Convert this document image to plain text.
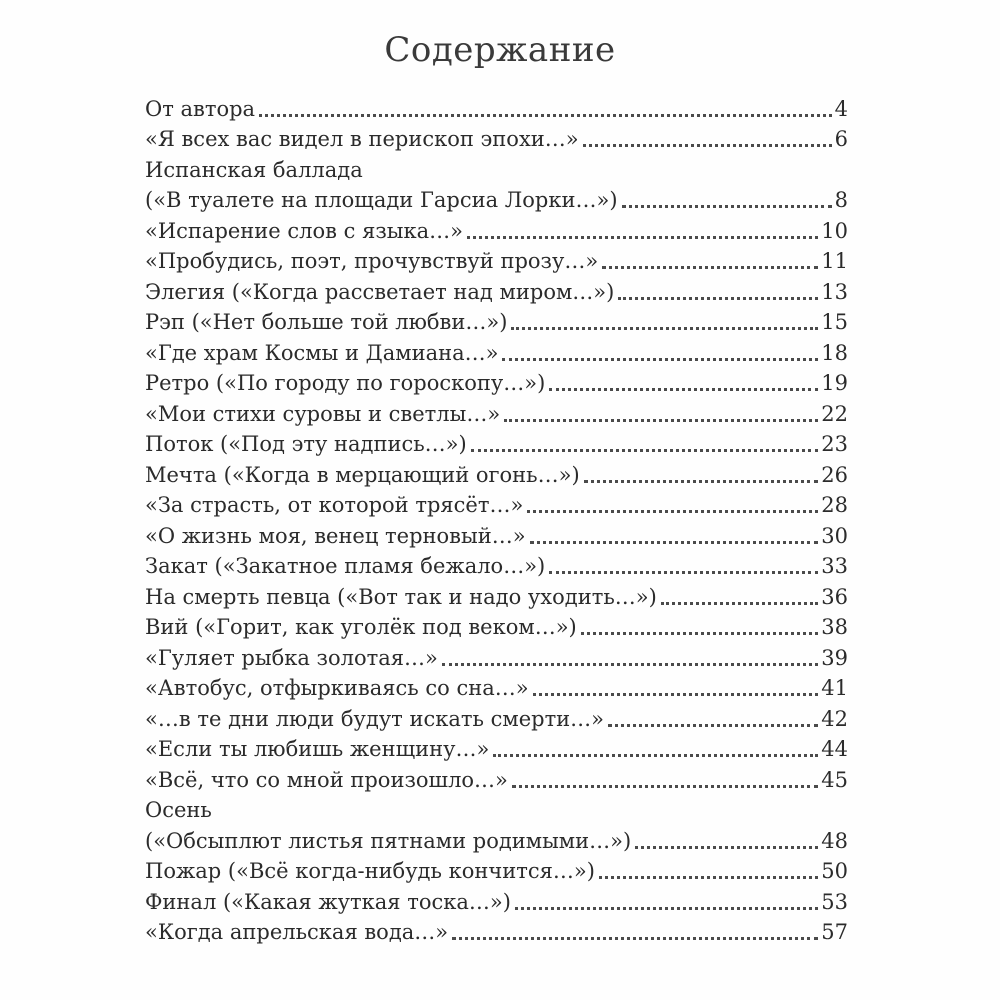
Содержание
От автора	4
«Я всех вас видел в перископ эпохи…»	6
Испанская баллада
(«В туалете на площади Гарсиа Лорки…»)	8
«Испарение слов с языка…»	10
«Пробудись, поэт, прочувствуй прозу…»	11
Элегия («Когда рассветает над миром…»)	13
Рэп («Нет больше той любви…»)	15
«Где храм Космы и Дамиана…»	18
Ретро («По городу по гороскопу…»)	19
«Мои стихи суровы и светлы…»	22
Поток («Под эту надпись…»)	23
Мечта («Когда в мерцающий огонь…»)	26
«За страсть, от которой трясёт…»	28
«О жизнь моя, венец терновый…»	30
Закат («Закатное пламя бежало…»)	33
На смерть певца («Вот так и надо уходить…»)	36
Вий («Горит, как уголёк под веком…»)	38
«Гуляет рыбка золотая…»	39
«Автобус, отфыркиваясь со сна…»	41
«…в те дни люди будут искать смерти…»	42
«Если ты любишь женщину…»	44
«Всё, что со мной произошло…»	45
Осень
(«Обсыплют листья пятнами родимыми…»)	48
Пожар («Всё когда-нибудь кончится…»)	50
Финал («Какая жуткая тоска…»)	53
«Когда апрельская вода…»	57
